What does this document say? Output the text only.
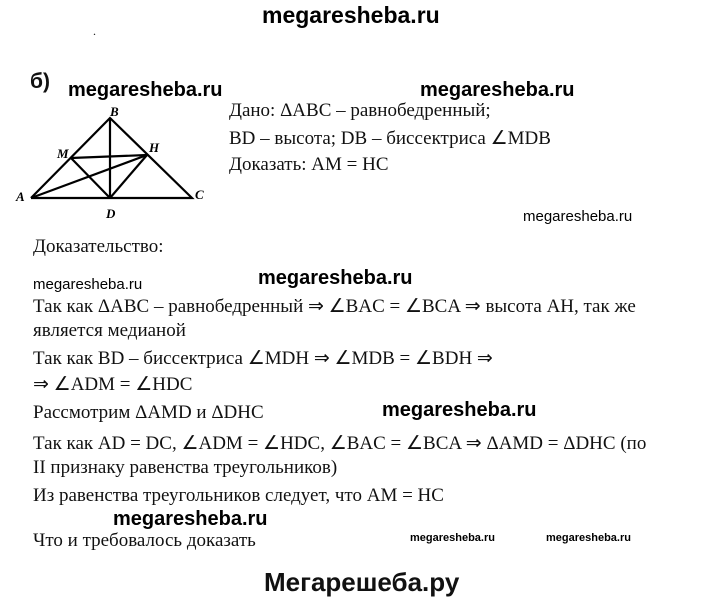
megaresheba.ru
.
б) megaresheba.ru	megaresheba.ru
megaresheba.ru
megaresheba.ru	megaresheba.ru
megaresheba.ru
megaresheba.ru
megaresheba.ru	megaresheba.ru
B
M	H
A	C
D
Дано: ΔABC – равнобедренный;
BD – высота; DB – биссектриса ∠MDB
Доказать: AM = HC
Доказательство:
Так как ΔABC – равнобедренный ⇒ ∠BAC = ∠BCA ⇒ высота AH, так же
является медианой
Так как BD – биссектриса ∠MDH ⇒ ∠MDB = ∠BDH ⇒
⇒ ∠ADM = ∠HDC
Рассмотрим ΔAMD и ΔDHC
Так как AD = DC, ∠ADM = ∠HDC, ∠BAC = ∠BCA ⇒ ΔAMD = ΔDHC (по
II признаку равенства треугольников)
Из равенства треугольников следует, что AM = HC
Что и требовалось доказать
Мегарешеба.ру
